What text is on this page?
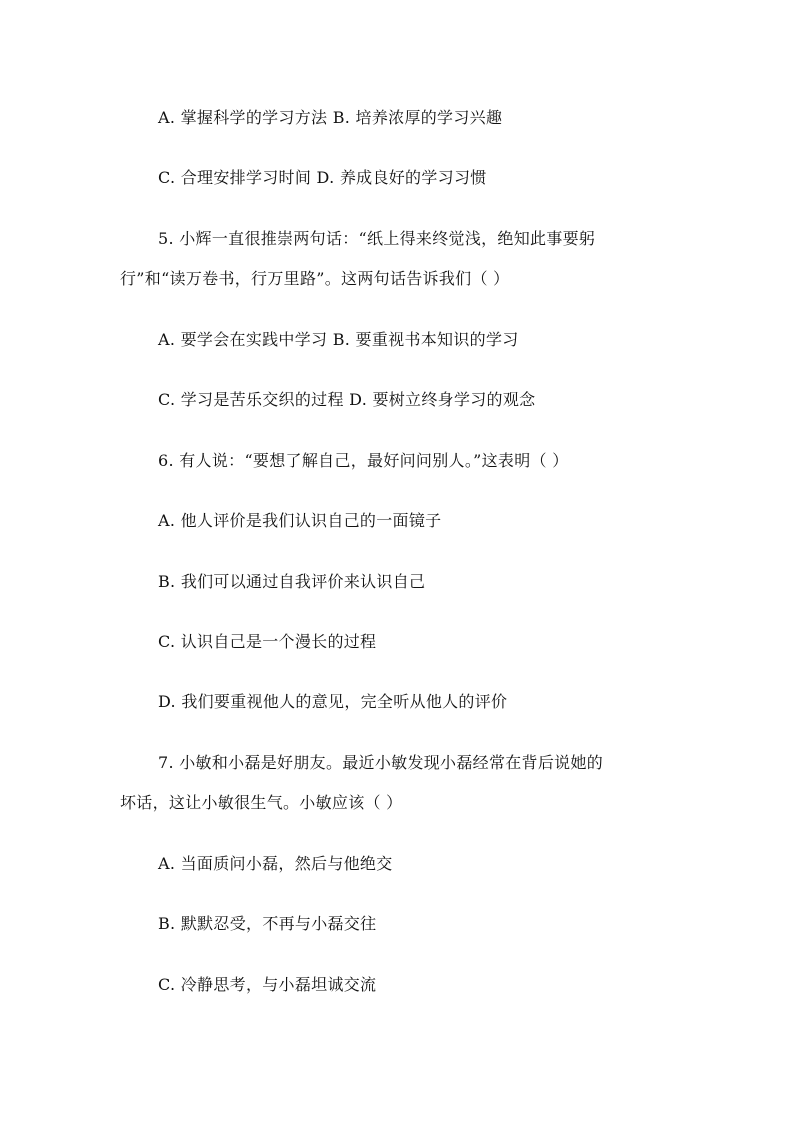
A. 掌握科学的学习方法 B. 培养浓厚的学习兴趣
C. 合理安排学习时间 D. 养成良好的学习习惯
5. 小辉一直很推崇两句话：“纸上得来终觉浅，绝知此事要躬
行”和“读万卷书，行万里路”。这两句话告诉我们（ ）
A. 要学会在实践中学习 B. 要重视书本知识的学习
C. 学习是苦乐交织的过程 D. 要树立终身学习的观念
6. 有人说：“要想了解自己，最好问问别人。”这表明（ ）
A. 他人评价是我们认识自己的一面镜子
B. 我们可以通过自我评价来认识自己
C. 认识自己是一个漫长的过程
D. 我们要重视他人的意见，完全听从他人的评价
7. 小敏和小磊是好朋友。最近小敏发现小磊经常在背后说她的
坏话，这让小敏很生气。小敏应该（ ）
A. 当面质问小磊，然后与他绝交
B. 默默忍受，不再与小磊交往
C. 冷静思考，与小磊坦诚交流
